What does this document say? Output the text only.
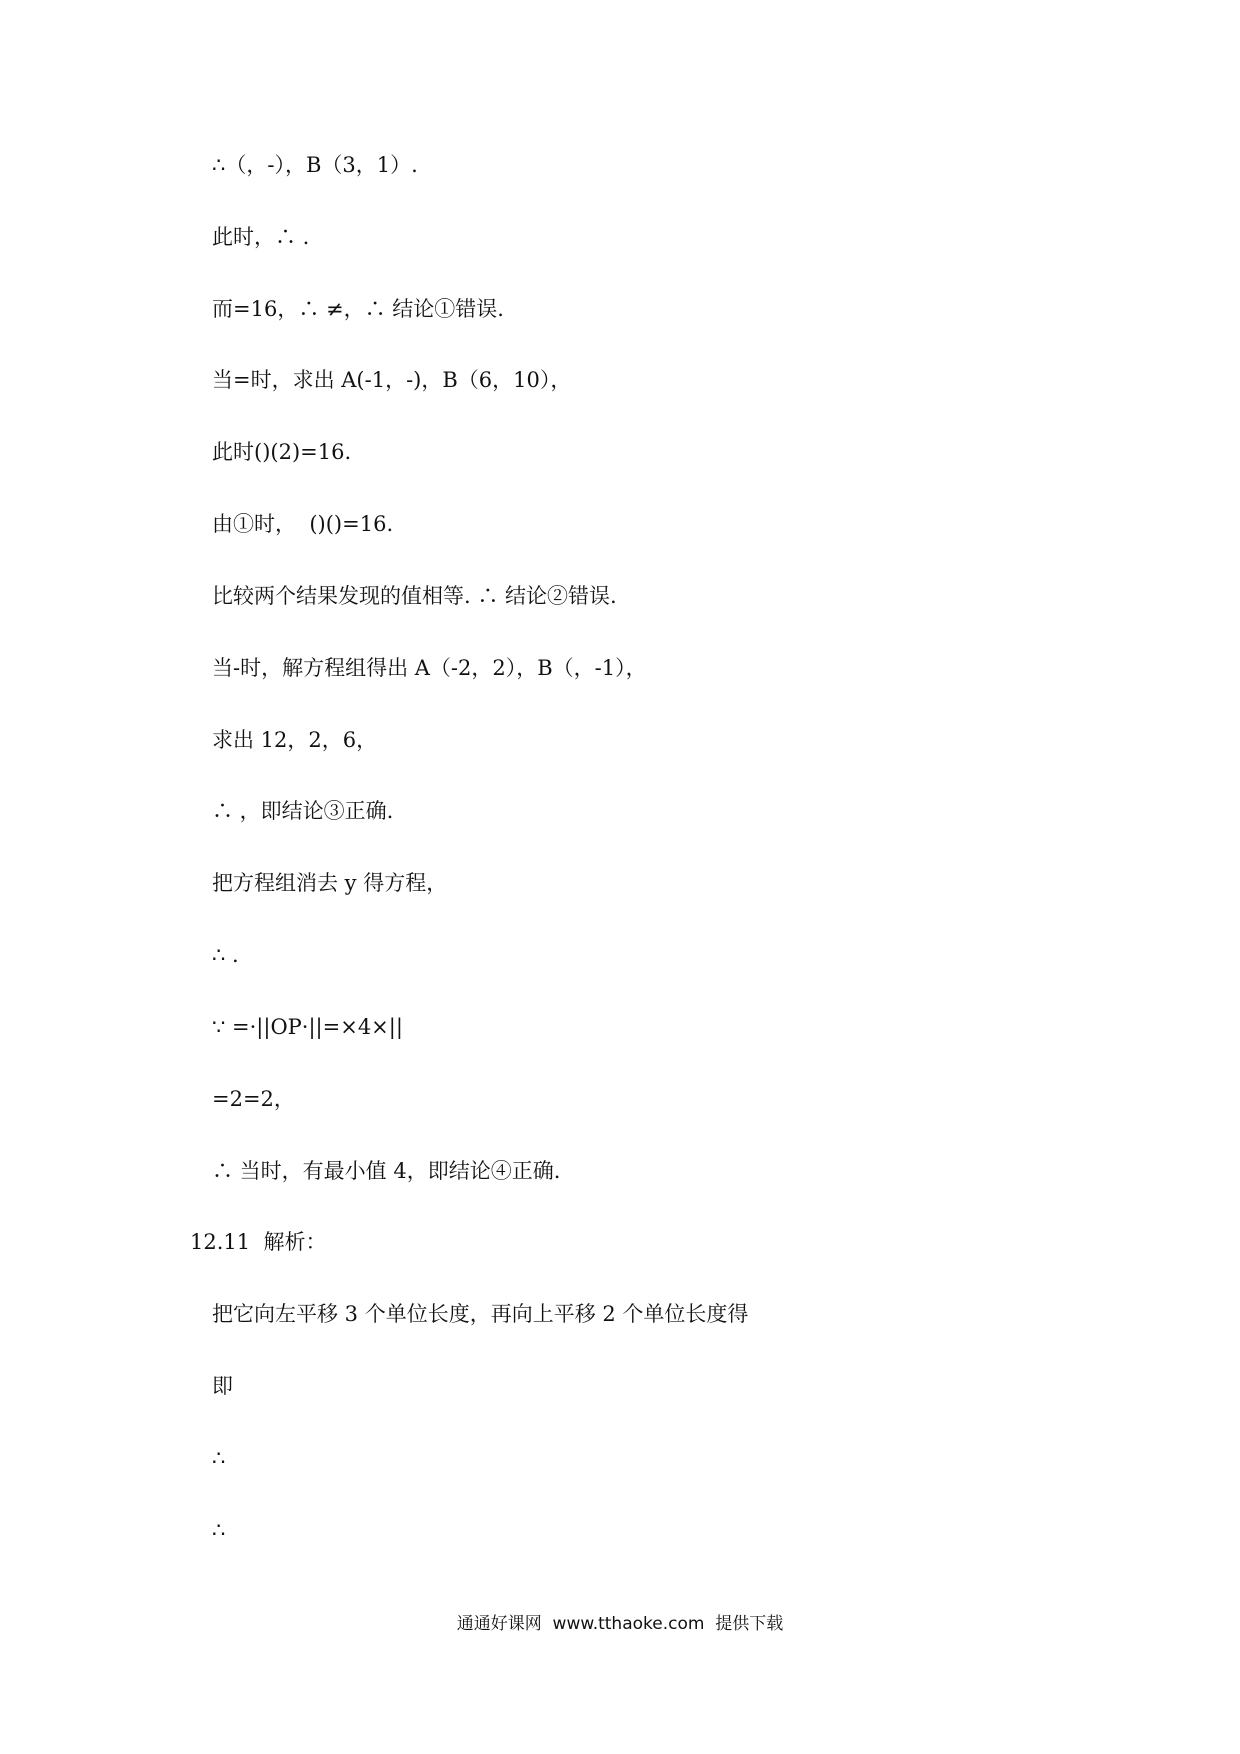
∴（，-），B（3，1）.
此时，∴ .
而=16，∴ ≠，∴ 结论①错误.
当=时，求出 A(-1，-)，B（6，10），
此时()(2)=16.
由①时，  ()()=16.
比较两个结果发现的值相等. ∴ 结论②错误.
当-时，解方程组得出 A（-2，2），B（，-1），
求出 12，2，6，
∴ ，即结论③正确.
把方程组消去 y 得方程，
∴ .
∵ =·||OP·||=×4×||
=2=2，
∴ 当时，有最小值 4，即结论④正确.
12.11  解析：
把它向左平移 3 个单位长度，再向上平移 2 个单位长度得
即
∴
∴
通通好课网  www.tthaoke.com  提供下载
